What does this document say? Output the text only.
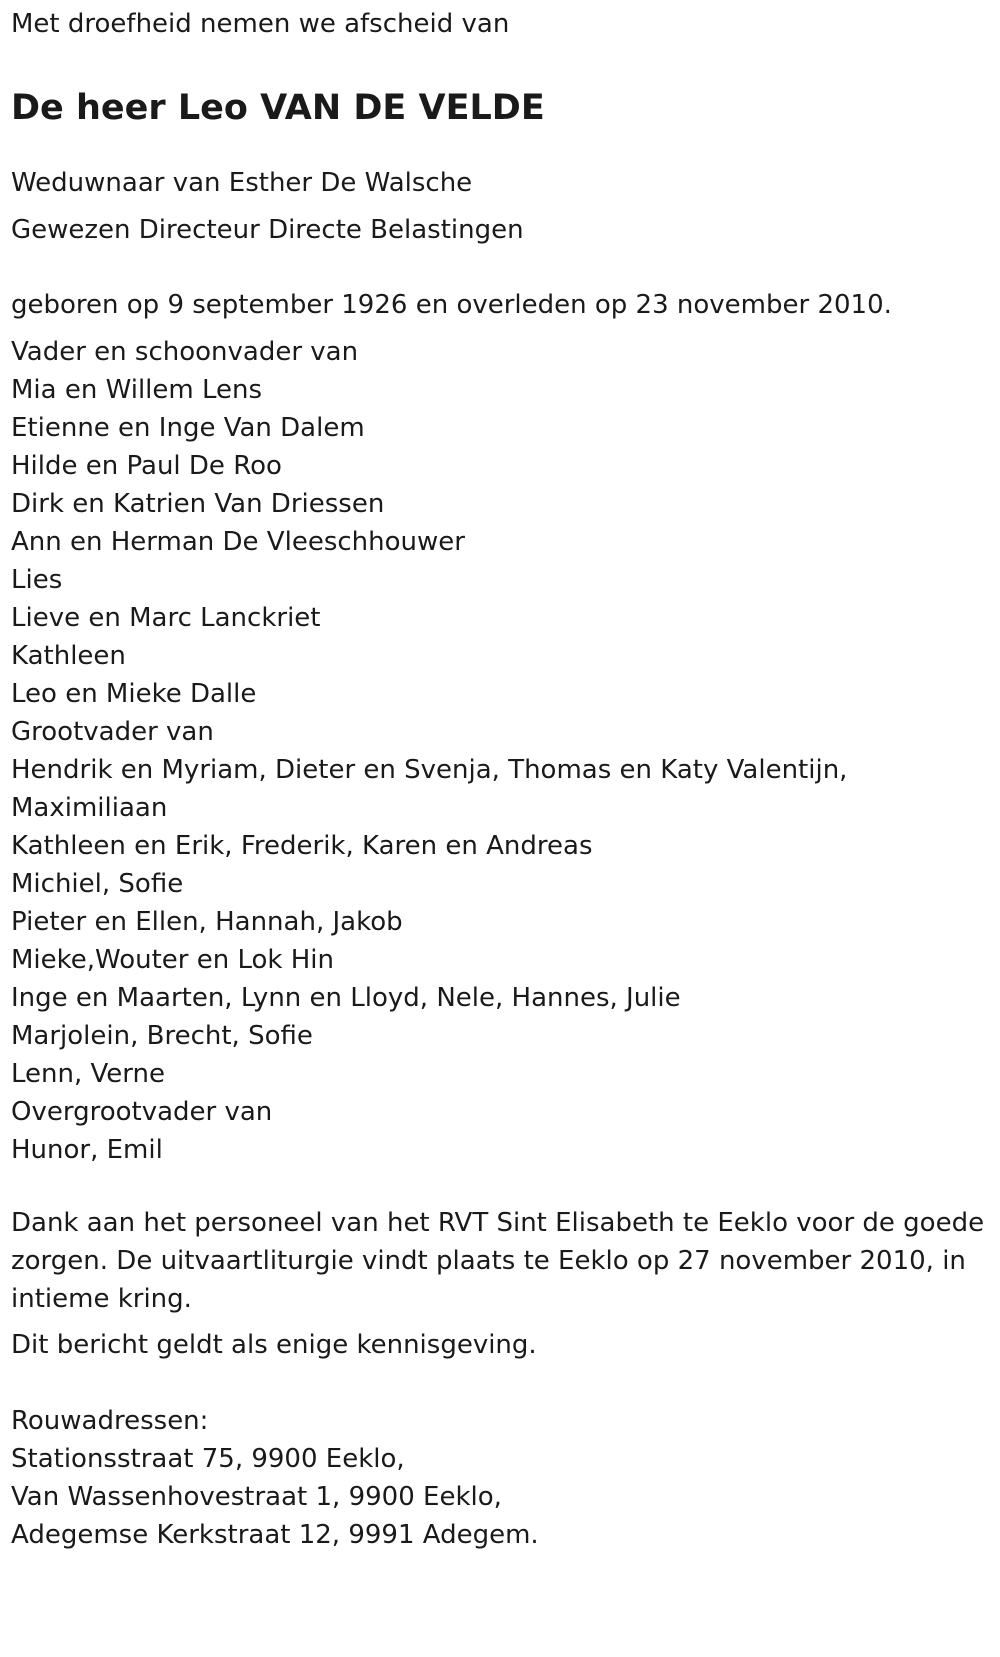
Met droefheid nemen we afscheid van
De heer Leo VAN DE VELDE
Weduwnaar van Esther De Walsche
Gewezen Directeur Directe Belastingen
geboren op 9 september 1926 en overleden op 23 november 2010.
Vader en schoonvader van
Mia en Willem Lens
Etienne en Inge Van Dalem
Hilde en Paul De Roo
Dirk en Katrien Van Driessen
Ann en Herman De Vleeschhouwer
Lies
Lieve en Marc Lanckriet
Kathleen
Leo en Mieke Dalle
Grootvader van
Hendrik en Myriam, Dieter en Svenja, Thomas en Katy Valentijn,
Maximiliaan
Kathleen en Erik, Frederik, Karen en Andreas
Michiel, Sofie
Pieter en Ellen, Hannah, Jakob
Mieke,Wouter en Lok Hin
Inge en Maarten, Lynn en Lloyd, Nele, Hannes, Julie
Marjolein, Brecht, Sofie
Lenn, Verne
Overgrootvader van
Hunor, Emil
Dank aan het personeel van het RVT Sint Elisabeth te Eeklo voor de goede zorgen. De uitvaartliturgie vindt plaats te Eeklo op 27 november 2010, in intieme kring.
Dit bericht geldt als enige kennisgeving.
Rouwadressen:
Stationsstraat 75, 9900 Eeklo,
Van Wassenhovestraat 1, 9900 Eeklo,
Adegemse Kerkstraat 12, 9991 Adegem.
